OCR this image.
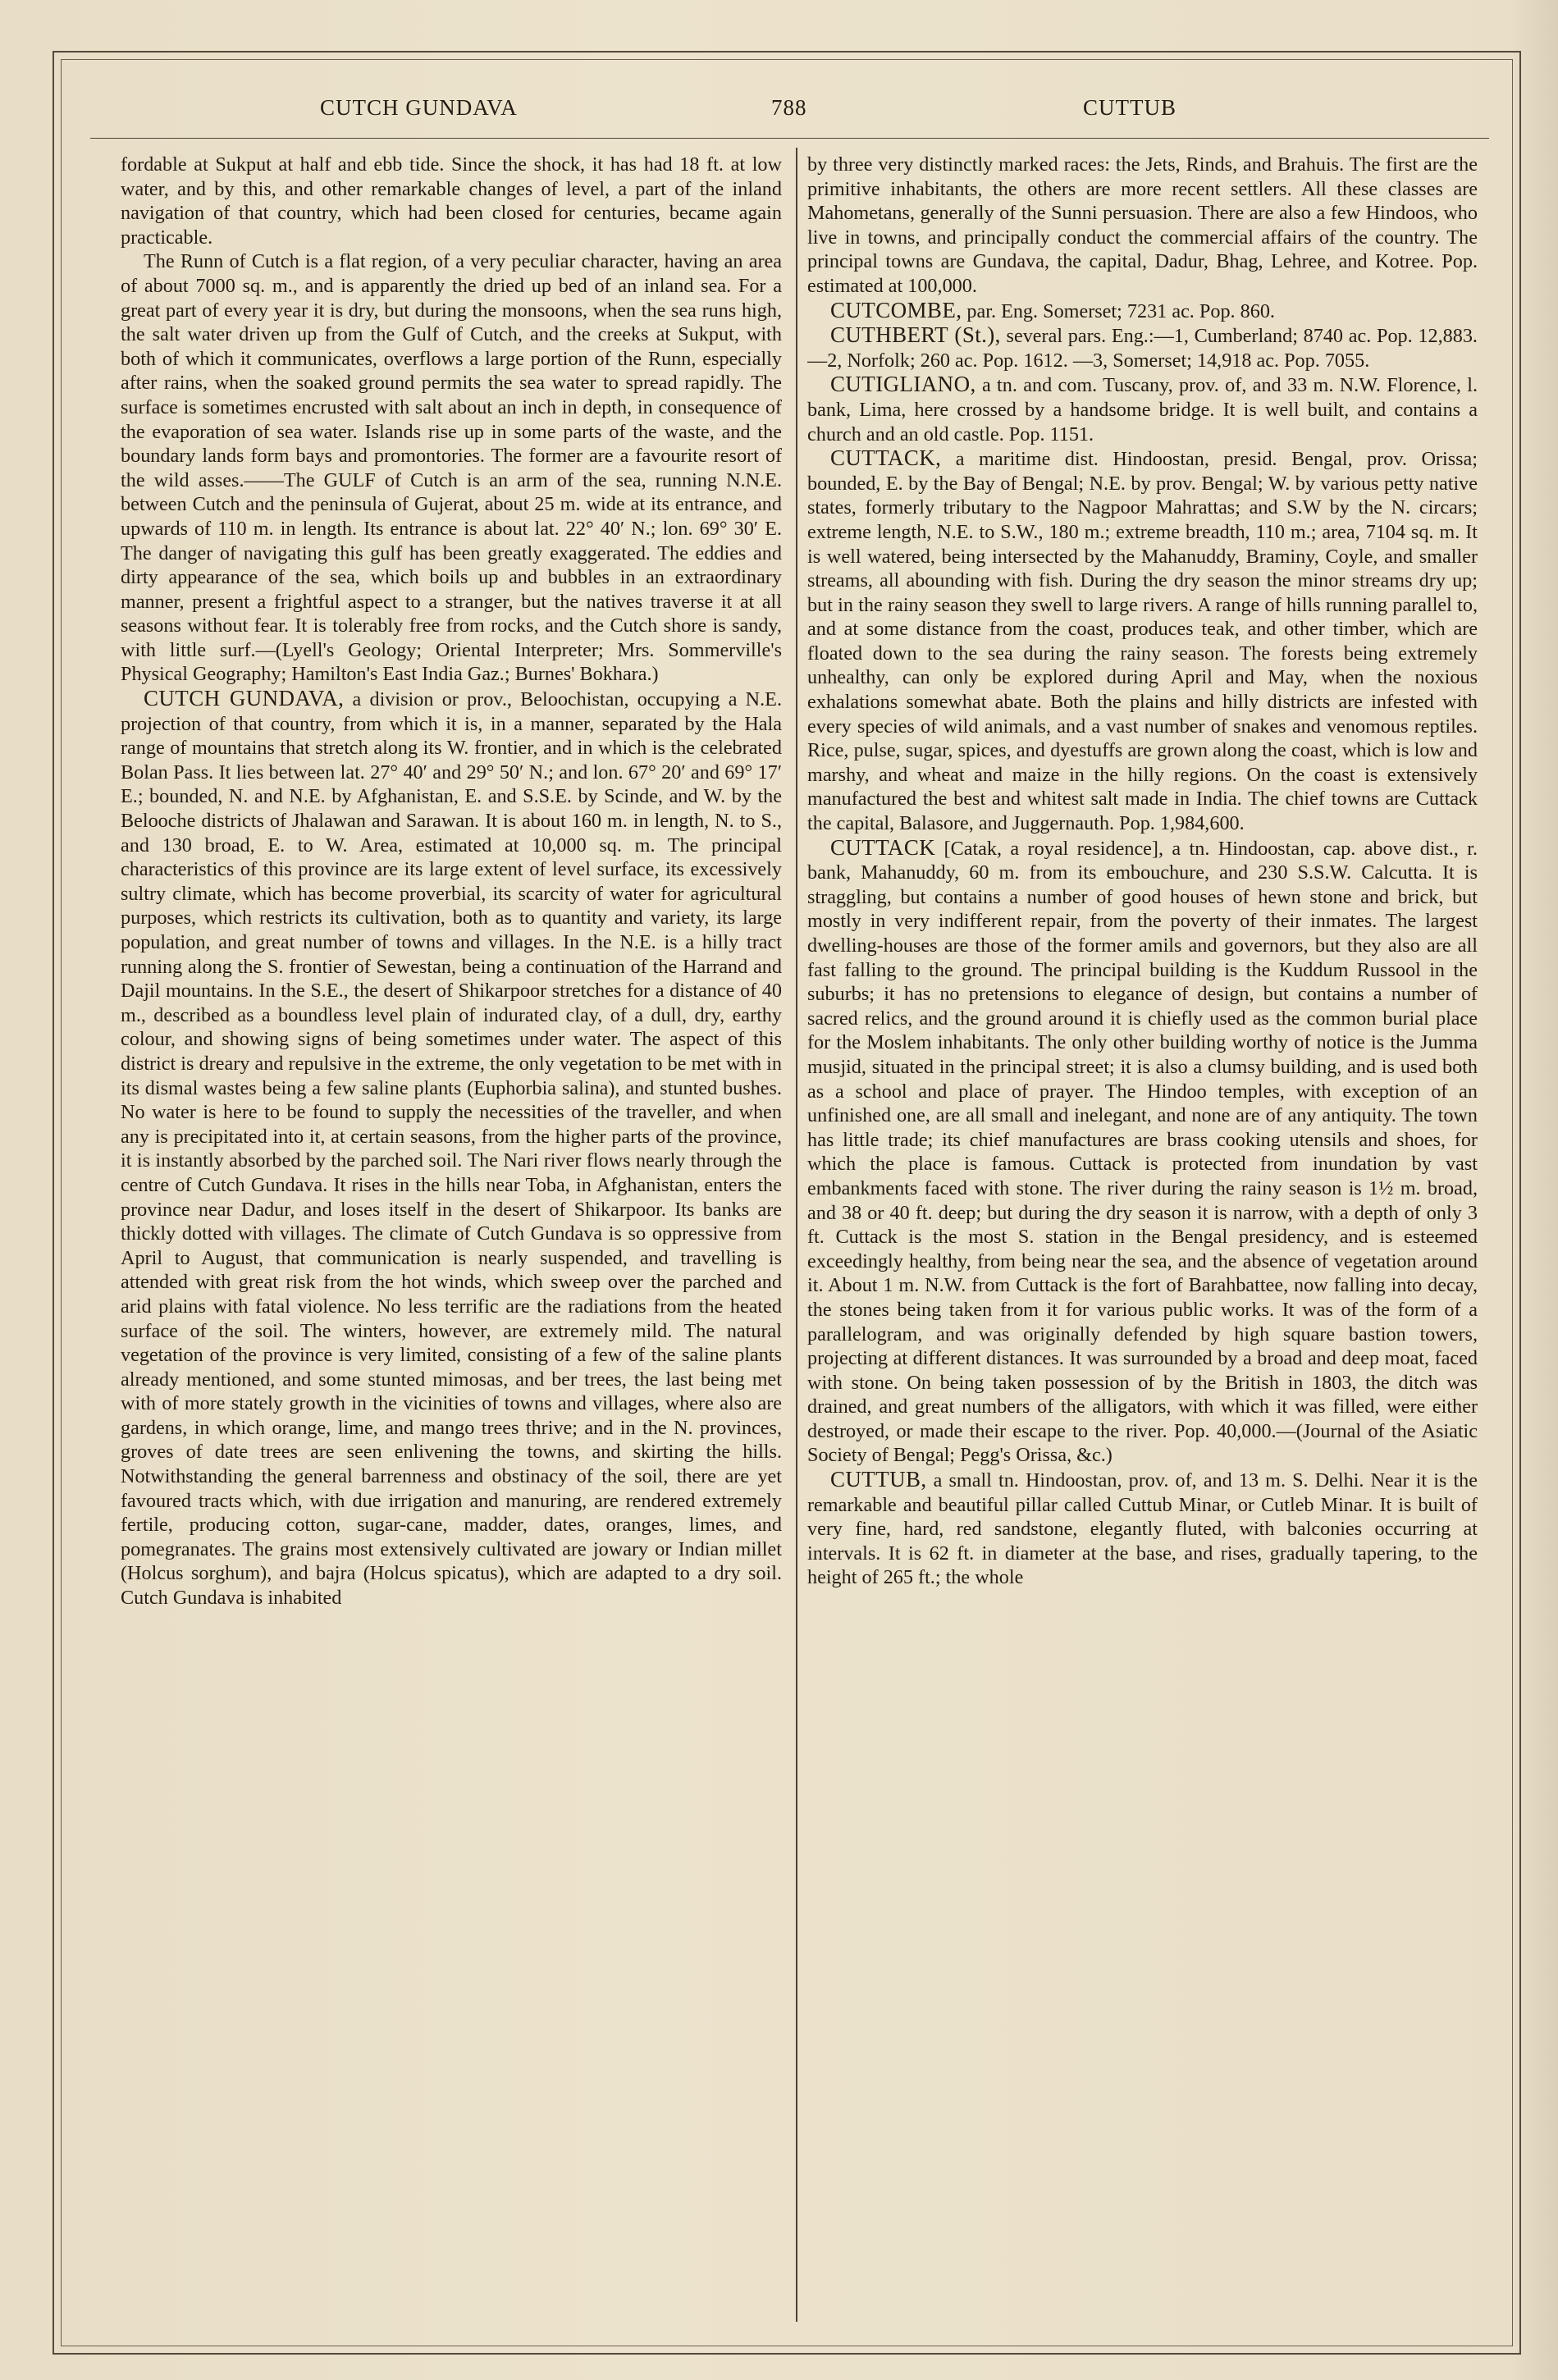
CUTCH GUNDAVA	788	CUTTUB

fordable at Sukput at half and ebb tide. Since the shock, it has had 18 ft. at low water, and by this, and other remarkable changes of level, a part of the inland navigation of that country, which had been closed for centuries, became again practicable.

The Runn of Cutch is a flat region, of a very peculiar character, having an area of about 7000 sq. m., and is apparently the dried up bed of an inland sea. For a great part of every year it is dry, but during the monsoons, when the sea runs high, the salt water driven up from the Gulf of Cutch, and the creeks at Sukput, with both of which it communicates, overflows a large portion of the Runn, especially after rains, when the soaked ground permits the sea water to spread rapidly. The surface is sometimes encrusted with salt about an inch in depth, in consequence of the evaporation of sea water. Islands rise up in some parts of the waste, and the boundary lands form bays and promontories. The former are a favourite resort of the wild asses.——The GULF of Cutch is an arm of the sea, running N.N.E. between Cutch and the peninsula of Gujerat, about 25 m. wide at its entrance, and upwards of 110 m. in length. Its entrance is about lat. 22° 40′ N.; lon. 69° 30′ E. The danger of navigating this gulf has been greatly exaggerated. The eddies and dirty appearance of the sea, which boils up and bubbles in an extraordinary manner, present a frightful aspect to a stranger, but the natives traverse it at all seasons without fear. It is tolerably free from rocks, and the Cutch shore is sandy, with little surf.—(Lyell's Geology; Oriental Interpreter; Mrs. Sommerville's Physical Geography; Hamilton's East India Gaz.; Burnes' Bokhara.)

CUTCH GUNDAVA, a division or prov., Beloochistan, occupying a N.E. projection of that country, from which it is, in a manner, separated by the Hala range of mountains that stretch along its W. frontier, and in which is the celebrated Bolan Pass. It lies between lat. 27° 40′ and 29° 50′ N.; and lon. 67° 20′ and 69° 17′ E.; bounded, N. and N.E. by Afghanistan, E. and S.S.E. by Scinde, and W. by the Belooche districts of Jhalawan and Sarawan. It is about 160 m. in length, N. to S., and 130 broad, E. to W. Area, estimated at 10,000 sq. m. The principal characteristics of this province are its large extent of level surface, its excessively sultry climate, which has become proverbial, its scarcity of water for agricultural purposes, which restricts its cultivation, both as to quantity and variety, its large population, and great number of towns and villages. In the N.E. is a hilly tract running along the S. frontier of Sewestan, being a continuation of the Harrand and Dajil mountains. In the S.E., the desert of Shikarpoor stretches for a distance of 40 m., described as a boundless level plain of indurated clay, of a dull, dry, earthy colour, and showing signs of being sometimes under water. The aspect of this district is dreary and repulsive in the extreme, the only vegetation to be met with in its dismal wastes being a few saline plants (Euphorbia salina), and stunted bushes. No water is here to be found to supply the necessities of the traveller, and when any is precipitated into it, at certain seasons, from the higher parts of the province, it is instantly absorbed by the parched soil. The Nari river flows nearly through the centre of Cutch Gundava. It rises in the hills near Toba, in Afghanistan, enters the province near Dadur, and loses itself in the desert of Shikarpoor. Its banks are thickly dotted with villages. The climate of Cutch Gundava is so oppressive from April to August, that communication is nearly suspended, and travelling is attended with great risk from the hot winds, which sweep over the parched and arid plains with fatal violence. No less terrific are the radiations from the heated surface of the soil. The winters, however, are extremely mild. The natural vegetation of the province is very limited, consisting of a few of the saline plants already mentioned, and some stunted mimosas, and ber trees, the last being met with of more stately growth in the vicinities of towns and villages, where also are gardens, in which orange, lime, and mango trees thrive; and in the N. provinces, groves of date trees are seen enlivening the towns, and skirting the hills. Notwithstanding the general barrenness and obstinacy of the soil, there are yet favoured tracts which, with due irrigation and manuring, are rendered extremely fertile, producing cotton, sugar-cane, madder, dates, oranges, limes, and pomegranates. The grains most extensively cultivated are jowary or Indian millet (Holcus sorghum), and bajra (Holcus spicatus), which are adapted to a dry soil. Cutch Gundava is inhabited

by three very distinctly marked races: the Jets, Rinds, and Brahuis. The first are the primitive inhabitants, the others are more recent settlers. All these classes are Mahometans, generally of the Sunni persuasion. There are also a few Hindoos, who live in towns, and principally conduct the commercial affairs of the country. The principal towns are Gundava, the capital, Dadur, Bhag, Lehree, and Kotree. Pop. estimated at 100,000.

CUTCOMBE, par. Eng. Somerset; 7231 ac. Pop. 860.

CUTHBERT (St.), several pars. Eng.:—1, Cumberland; 8740 ac. Pop. 12,883.—2, Norfolk; 260 ac. Pop. 1612. —3, Somerset; 14,918 ac. Pop. 7055.

CUTIGLIANO, a tn. and com. Tuscany, prov. of, and 33 m. N.W. Florence, l. bank, Lima, here crossed by a handsome bridge. It is well built, and contains a church and an old castle. Pop. 1151.

CUTTACK, a maritime dist. Hindoostan, presid. Bengal, prov. Orissa; bounded, E. by the Bay of Bengal; N.E. by prov. Bengal; W. by various petty native states, formerly tributary to the Nagpoor Mahrattas; and S.W by the N. circars; extreme length, N.E. to S.W., 180 m.; extreme breadth, 110 m.; area, 7104 sq. m. It is well watered, being intersected by the Mahanuddy, Braminy, Coyle, and smaller streams, all abounding with fish. During the dry season the minor streams dry up; but in the rainy season they swell to large rivers. A range of hills running parallel to, and at some distance from the coast, produces teak, and other timber, which are floated down to the sea during the rainy season. The forests being extremely unhealthy, can only be explored during April and May, when the noxious exhalations somewhat abate. Both the plains and hilly districts are infested with every species of wild animals, and a vast number of snakes and venomous reptiles. Rice, pulse, sugar, spices, and dyestuffs are grown along the coast, which is low and marshy, and wheat and maize in the hilly regions. On the coast is extensively manufactured the best and whitest salt made in India. The chief towns are Cuttack the capital, Balasore, and Juggernauth. Pop. 1,984,600.

CUTTACK [Catak, a royal residence], a tn. Hindoostan, cap. above dist., r. bank, Mahanuddy, 60 m. from its embouchure, and 230 S.S.W. Calcutta. It is straggling, but contains a number of good houses of hewn stone and brick, but mostly in very indifferent repair, from the poverty of their inmates. The largest dwelling-houses are those of the former amils and governors, but they also are all fast falling to the ground. The principal building is the Kuddum Russool in the suburbs; it has no pretensions to elegance of design, but contains a number of sacred relics, and the ground around it is chiefly used as the common burial place for the Moslem inhabitants. The only other building worthy of notice is the Jumma musjid, situated in the principal street; it is also a clumsy building, and is used both as a school and place of prayer. The Hindoo temples, with exception of an unfinished one, are all small and inelegant, and none are of any antiquity. The town has little trade; its chief manufactures are brass cooking utensils and shoes, for which the place is famous. Cuttack is protected from inundation by vast embankments faced with stone. The river during the rainy season is 1½ m. broad, and 38 or 40 ft. deep; but during the dry season it is narrow, with a depth of only 3 ft. Cuttack is the most S. station in the Bengal presidency, and is esteemed exceedingly healthy, from being near the sea, and the absence of vegetation around it. About 1 m. N.W. from Cuttack is the fort of Barahbattee, now falling into decay, the stones being taken from it for various public works. It was of the form of a parallelogram, and was originally defended by high square bastion towers, projecting at different distances. It was surrounded by a broad and deep moat, faced with stone. On being taken possession of by the British in 1803, the ditch was drained, and great numbers of the alligators, with which it was filled, were either destroyed, or made their escape to the river. Pop. 40,000.—(Journal of the Asiatic Society of Bengal; Pegg's Orissa, &c.)

CUTTUB, a small tn. Hindoostan, prov. of, and 13 m. S. Delhi. Near it is the remarkable and beautiful pillar called Cuttub Minar, or Cutleb Minar. It is built of very fine, hard, red sandstone, elegantly fluted, with balconies occurring at intervals. It is 62 ft. in diameter at the base, and rises, gradually tapering, to the height of 265 ft.; the whole
